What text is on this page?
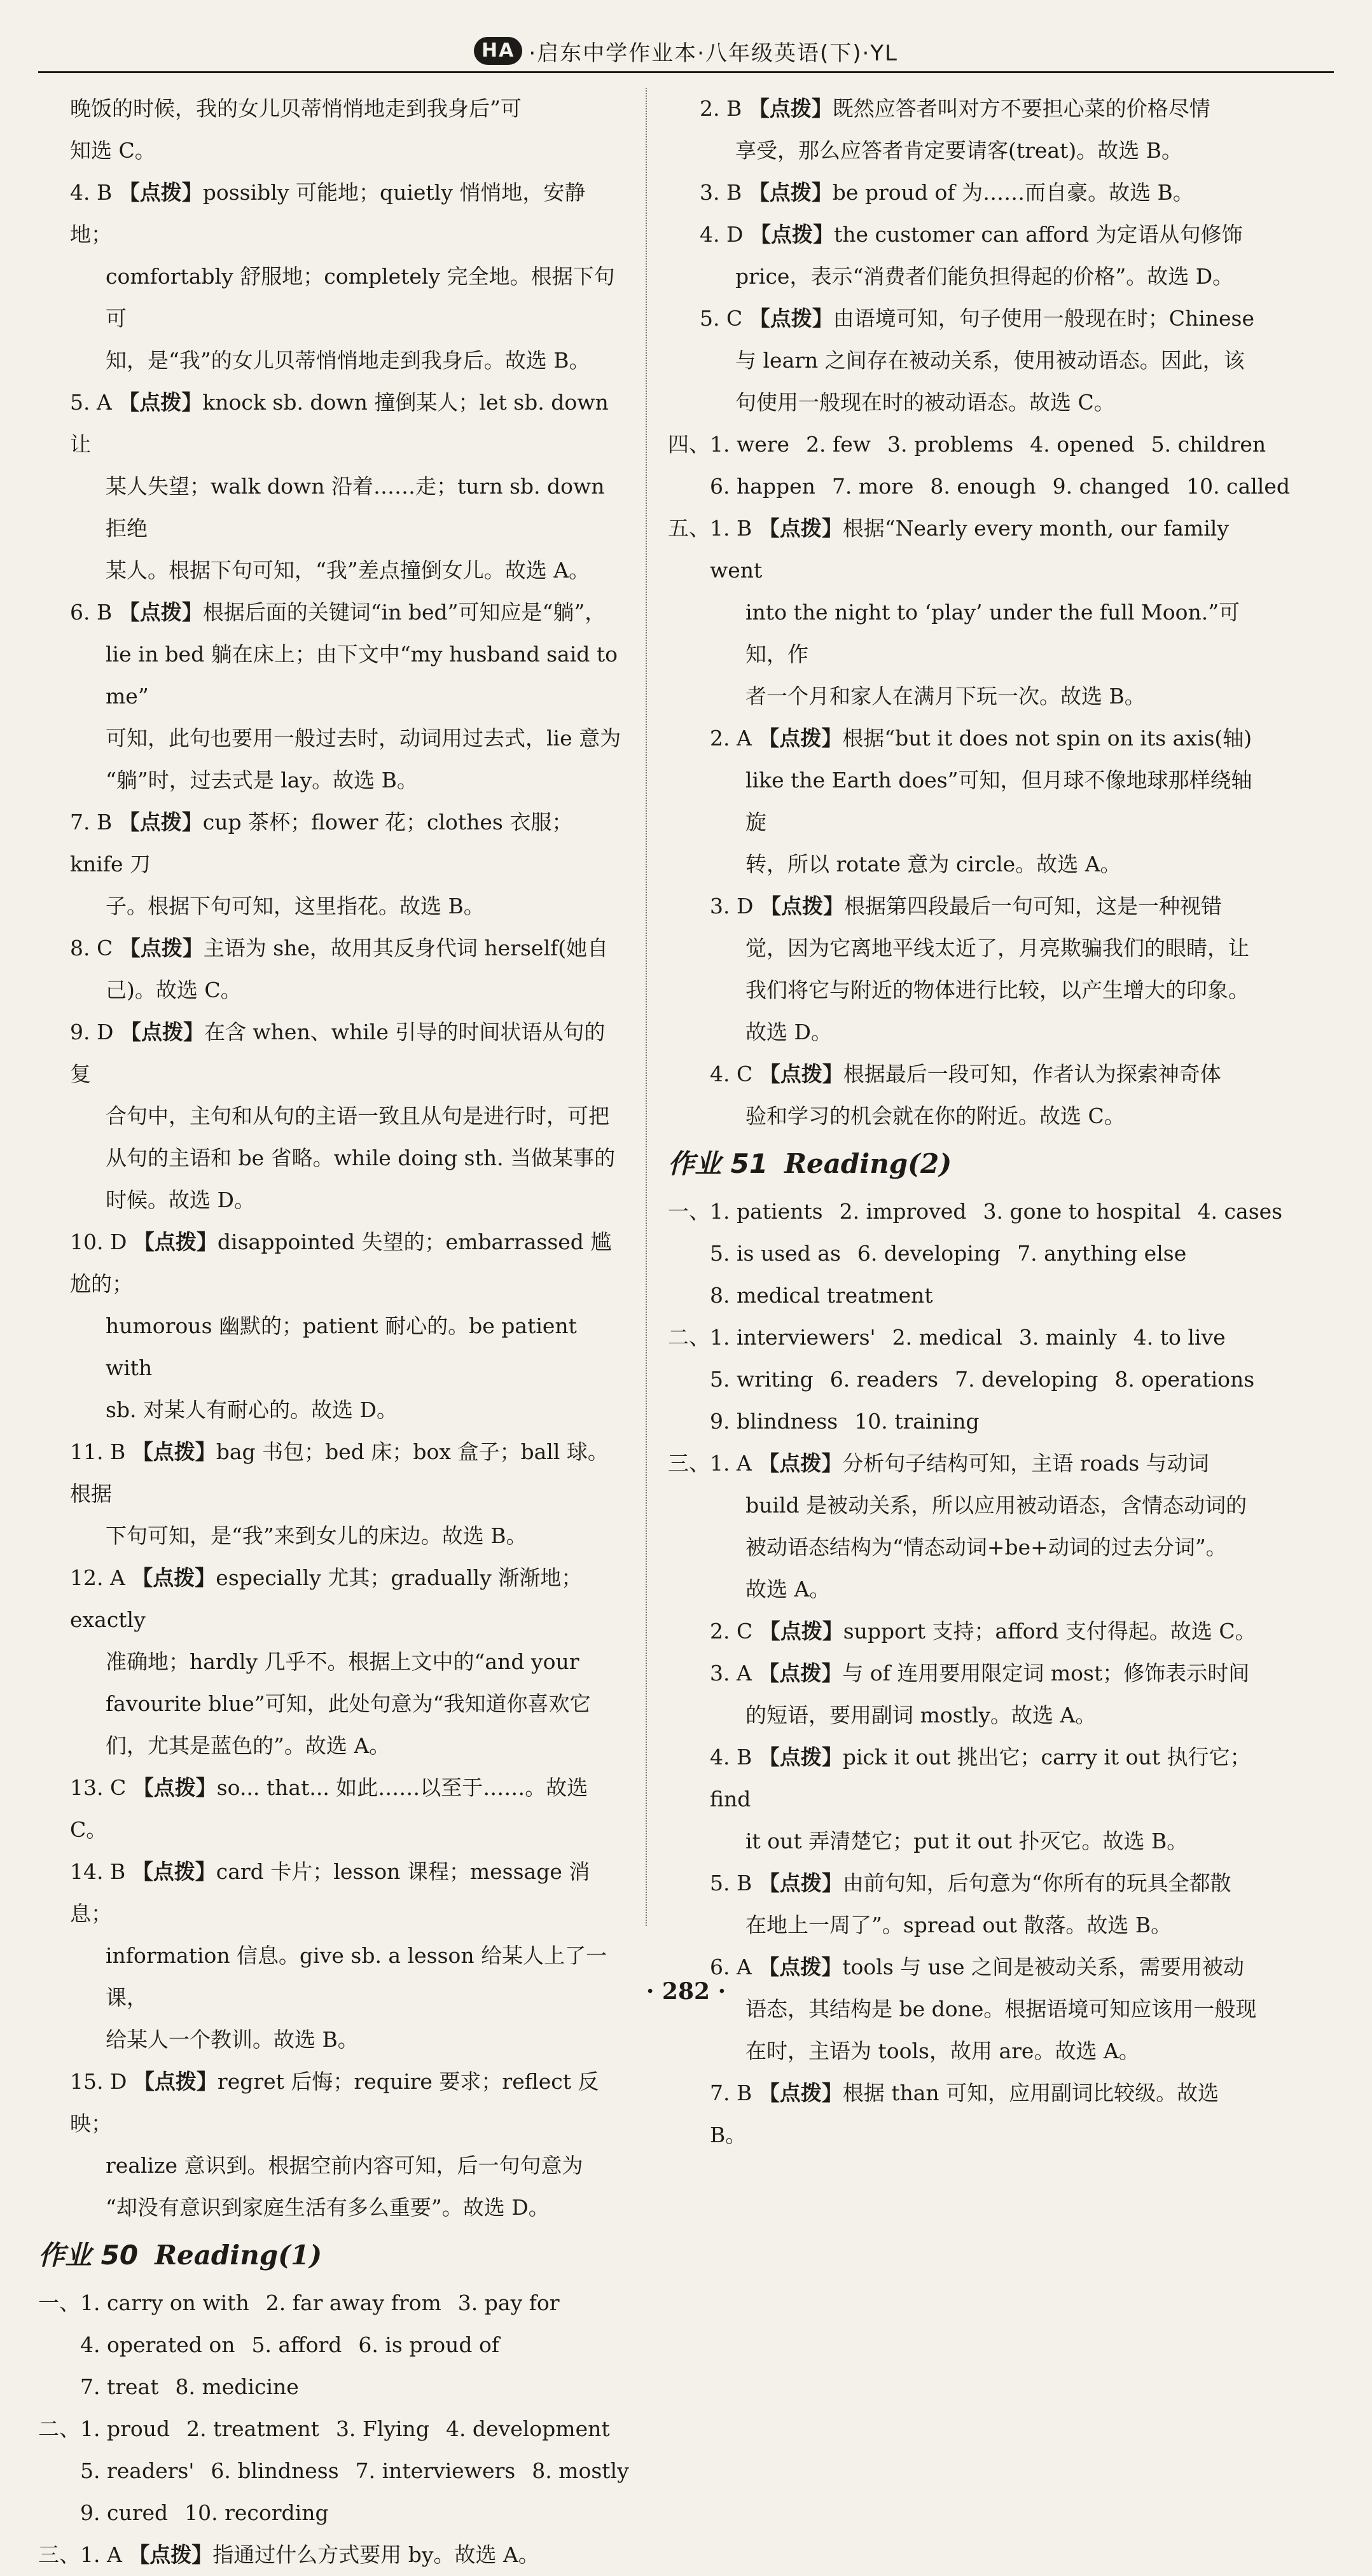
HA ·启东中学作业本·八年级英语(下)·YL
晚饭的时候，我的女儿贝蒂悄悄地走到我身后”可
知选 C。
4. B 【点拨】possibly 可能地；quietly 悄悄地，安静地；
comfortably 舒服地；completely 完全地。根据下句可
知，是“我”的女儿贝蒂悄悄地走到我身后。故选 B。
5. A 【点拨】knock sb. down 撞倒某人；let sb. down 让
某人失望；walk down 沿着……走；turn sb. down 拒绝
某人。根据下句可知，“我”差点撞倒女儿。故选 A。
6. B 【点拨】根据后面的关键词“in bed”可知应是“躺”，
lie in bed 躺在床上；由下文中“my husband said to me”
可知，此句也要用一般过去时，动词用过去式，lie 意为
“躺”时，过去式是 lay。故选 B。
7. B 【点拨】cup 茶杯；flower 花；clothes 衣服；knife 刀
子。根据下句可知，这里指花。故选 B。
8. C 【点拨】主语为 she，故用其反身代词 herself(她自
己)。故选 C。
9. D 【点拨】在含 when、while 引导的时间状语从句的复
合句中，主句和从句的主语一致且从句是进行时，可把
从句的主语和 be 省略。while doing sth. 当做某事的
时候。故选 D。
10. D 【点拨】disappointed 失望的；embarrassed 尴尬的；
humorous 幽默的；patient 耐心的。be patient with
sb. 对某人有耐心的。故选 D。
11. B 【点拨】bag 书包；bed 床；box 盒子；ball 球。根据
下句可知，是“我”来到女儿的床边。故选 B。
12. A 【点拨】especially 尤其；gradually 渐渐地；exactly
准确地；hardly 几乎不。根据上文中的“and your
favourite blue”可知，此处句意为“我知道你喜欢它
们，尤其是蓝色的”。故选 A。
13. C 【点拨】so... that... 如此……以至于……。故选 C。
14. B 【点拨】card 卡片；lesson 课程；message 消息；
information 信息。give sb. a lesson 给某人上了一课，
给某人一个教训。故选 B。
15. D 【点拨】regret 后悔；require 要求；reflect 反映；
realize 意识到。根据空前内容可知，后一句句意为
“却没有意识到家庭生活有多么重要”。故选 D。
作业 50 Reading(1)
一、 1. carry on with 2. far away from 3. pay for
4. operated on 5. afford 6. is proud of
7. treat 8. medicine
二、 1. proud 2. treatment 3. Flying 4. development
5. readers' 6. blindness 7. interviewers 8. mostly
9. cured 10. recording
三、 1. A 【点拨】指通过什么方式要用 by。故选 A。
2. B 【点拨】既然应答者叫对方不要担心菜的价格尽情
享受，那么应答者肯定要请客(treat)。故选 B。
3. B 【点拨】be proud of 为……而自豪。故选 B。
4. D 【点拨】the customer can afford 为定语从句修饰
price，表示“消费者们能负担得起的价格”。故选 D。
5. C 【点拨】由语境可知，句子使用一般现在时；Chinese
与 learn 之间存在被动关系，使用被动语态。因此，该
句使用一般现在时的被动语态。故选 C。
四、 1. were 2. few 3. problems 4. opened 5. children
6. happen 7. more 8. enough 9. changed 10. called
五、 1. B 【点拨】根据“Nearly every month, our family went
into the night to ‘play’ under the full Moon.”可知，作
者一个月和家人在满月下玩一次。故选 B。
2. A 【点拨】根据“but it does not spin on its axis(轴)
like the Earth does”可知，但月球不像地球那样绕轴旋
转，所以 rotate 意为 circle。故选 A。
3. D 【点拨】根据第四段最后一句可知，这是一种视错
觉，因为它离地平线太近了，月亮欺骗我们的眼睛，让
我们将它与附近的物体进行比较，以产生增大的印象。
故选 D。
4. C 【点拨】根据最后一段可知，作者认为探索神奇体
验和学习的机会就在你的附近。故选 C。
作业 51 Reading(2)
一、 1. patients 2. improved 3. gone to hospital 4. cases
5. is used as 6. developing 7. anything else
8. medical treatment
二、 1. interviewers' 2. medical 3. mainly 4. to live
5. writing 6. readers 7. developing 8. operations
9. blindness 10. training
三、 1. A 【点拨】分析句子结构可知，主语 roads 与动词
build 是被动关系，所以应用被动语态，含情态动词的
被动语态结构为“情态动词+be+动词的过去分词”。
故选 A。
2. C 【点拨】support 支持；afford 支付得起。故选 C。
3. A 【点拨】与 of 连用要用限定词 most；修饰表示时间
的短语，要用副词 mostly。故选 A。
4. B 【点拨】pick it out 挑出它；carry it out 执行它；find
it out 弄清楚它；put it out 扑灭它。故选 B。
5. B 【点拨】由前句知，后句意为“你所有的玩具全都散
在地上一周了”。spread out 散落。故选 B。
6. A 【点拨】tools 与 use 之间是被动关系，需要用被动
语态，其结构是 be done。根据语境可知应该用一般现
在时，主语为 tools，故用 are。故选 A。
7. B 【点拨】根据 than 可知，应用副词比较级。故选 B。
· 282 ·
